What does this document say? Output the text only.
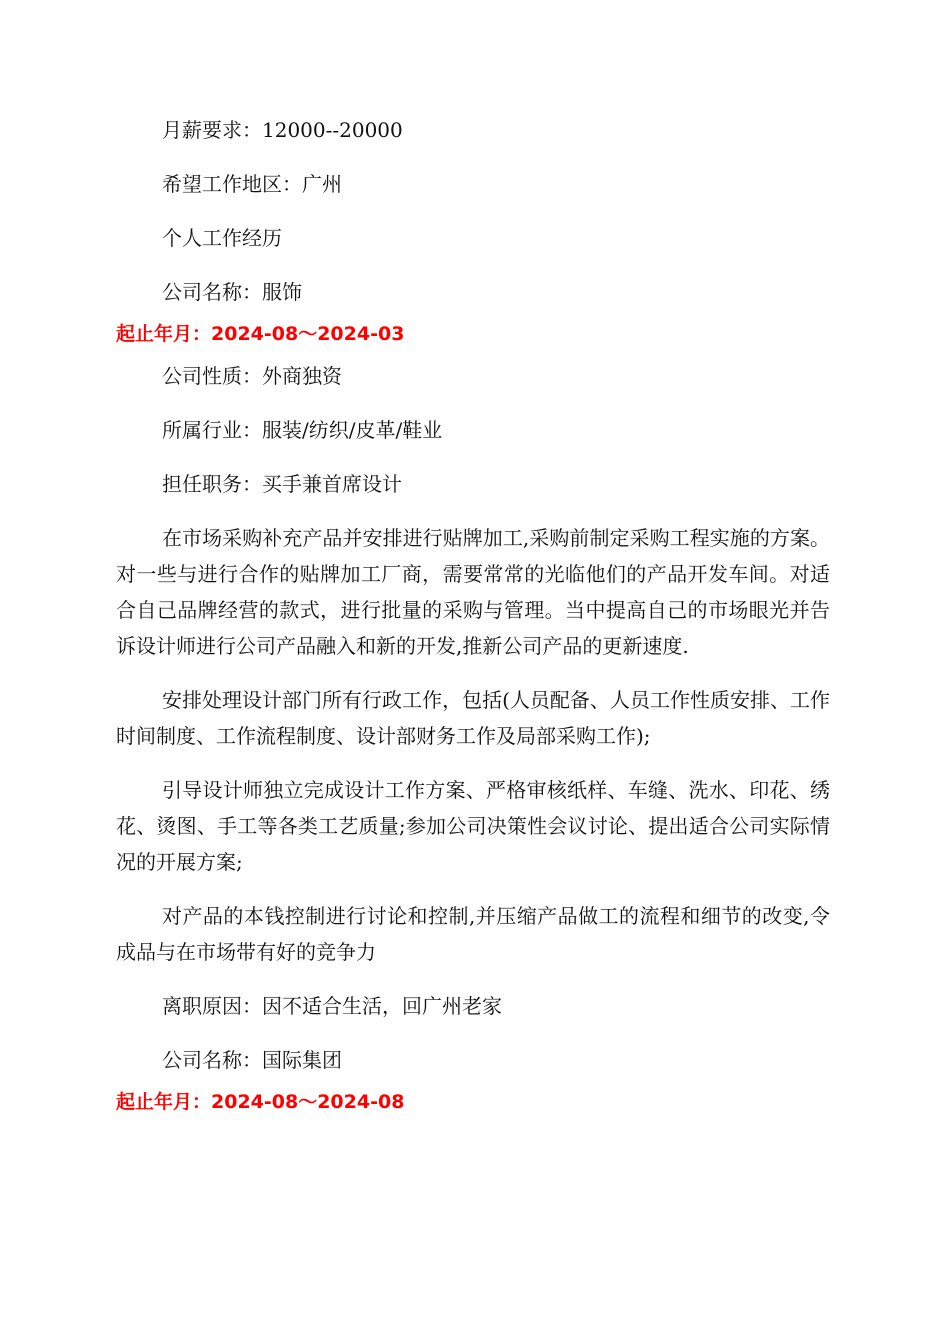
月薪要求：12000--20000
希望工作地区：广州
个人工作经历
公司名称：服饰
起止年月：2024-08～2024-03
公司性质：外商独资
所属行业：服装/纺织/皮革/鞋业
担任职务：买手兼首席设计

在市场采购补充产品并安排进行贴牌加工,采购前制定采购工程实施的方案。对一些与进行合作的贴牌加工厂商，需要常常的光临他们的产品开发车间。对适合自己品牌经营的款式，进行批量的采购与管理。当中提高自己的市场眼光并告诉设计师进行公司产品融入和新的开发,推新公司产品的更新速度.

安排处理设计部门所有行政工作，包括(人员配备、人员工作性质安排、工作时间制度、工作流程制度、设计部财务工作及局部采购工作);

引导设计师独立完成设计工作方案、严格审核纸样、车缝、洗水、印花、绣花、烫图、手工等各类工艺质量;参加公司决策性会议讨论、提出适合公司实际情况的开展方案;

对产品的本钱控制进行讨论和控制,并压缩产品做工的流程和细节的改变,令成品与在市场带有好的竞争力

离职原因：因不适合生活，回广州老家
公司名称：国际集团
起止年月：2024-08～2024-08
